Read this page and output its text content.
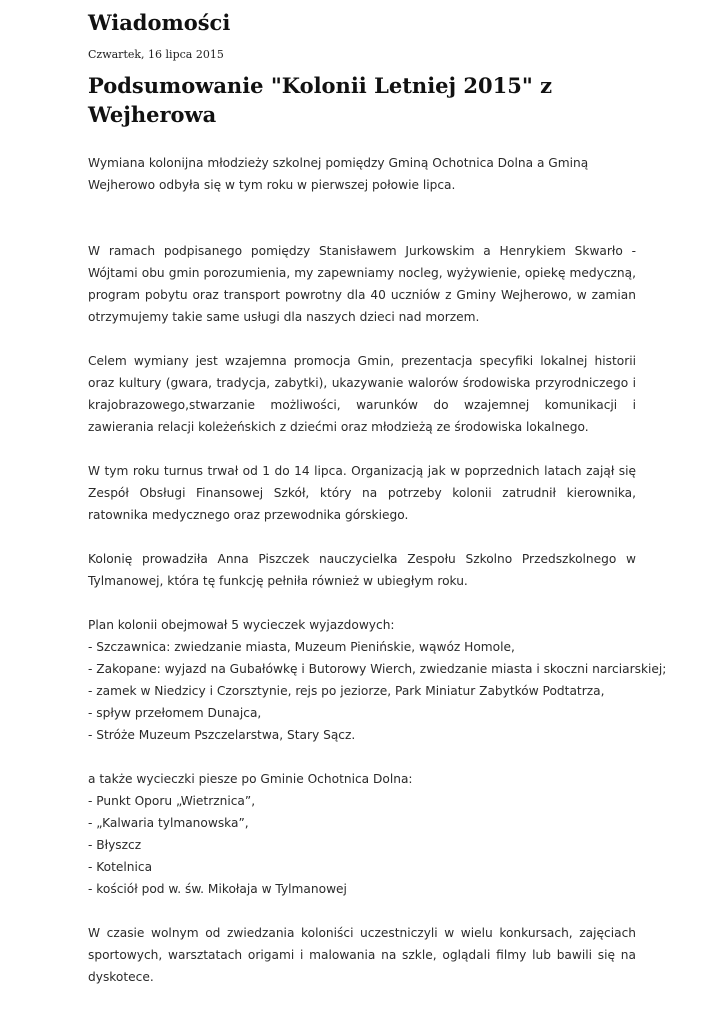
Wiadomości
Czwartek, 16 lipca 2015
Podsumowanie "Kolonii Letniej 2015" z Wejherowa

Wymiana kolonijna młodzieży szkolnej pomiędzy Gminą Ochotnica Dolna a Gminą Wejherowo odbyła się w tym roku w pierwszej połowie lipca.

W ramach podpisanego pomiędzy Stanisławem Jurkowskim a Henrykiem Skwarło - Wójtami obu gmin porozumienia, my zapewniamy nocleg, wyżywienie, opiekę medyczną, program pobytu oraz transport powrotny dla 40 uczniów z Gminy Wejherowo, w zamian otrzymujemy takie same usługi dla naszych dzieci nad morzem.

Celem wymiany jest wzajemna promocja Gmin, prezentacja specyfiki lokalnej historii oraz kultury (gwara, tradycja, zabytki), ukazywanie walorów środowiska przyrodniczego i krajobrazowego,stwarzanie możliwości, warunków do wzajemnej komunikacji i zawierania relacji koleżeńskich z dziećmi oraz młodzieżą ze środowiska lokalnego.

W tym roku turnus trwał od 1 do 14 lipca. Organizacją jak w poprzednich latach zajął się Zespół Obsługi Finansowej Szkół, który na potrzeby kolonii zatrudnił kierownika, ratownika medycznego oraz przewodnika górskiego.

Kolonię prowadziła Anna Piszczek nauczycielka Zespołu Szkolno Przedszkolnego w Tylmanowej, która tę funkcję pełniła również w ubiegłym roku.

Plan kolonii obejmował 5 wycieczek wyjazdowych:
- Szczawnica: zwiedzanie miasta, Muzeum Pienińskie, wąwóz Homole,
- Zakopane: wyjazd na Gubałówkę i Butorowy Wierch, zwiedzanie miasta i skoczni narciarskiej;
- zamek w Niedzicy i Czorsztynie, rejs po jeziorze, Park Miniatur Zabytków Podtatrza,
- spływ przełomem Dunajca,
- Stróże Muzeum Pszczelarstwa, Stary Sącz.
a także wycieczki piesze po Gminie Ochotnica Dolna:
- Punkt Oporu „Wietrznica”,
- „Kalwaria tylmanowska”,
- Błyszcz
- Kotelnica
- kościół pod w. św. Mikołaja w Tylmanowej

W czasie wolnym od zwiedzania koloniści uczestniczyli w wielu konkursach, zajęciach sportowych, warsztatach origami i malowania na szkle, oglądali filmy lub bawili się na dyskotece.
